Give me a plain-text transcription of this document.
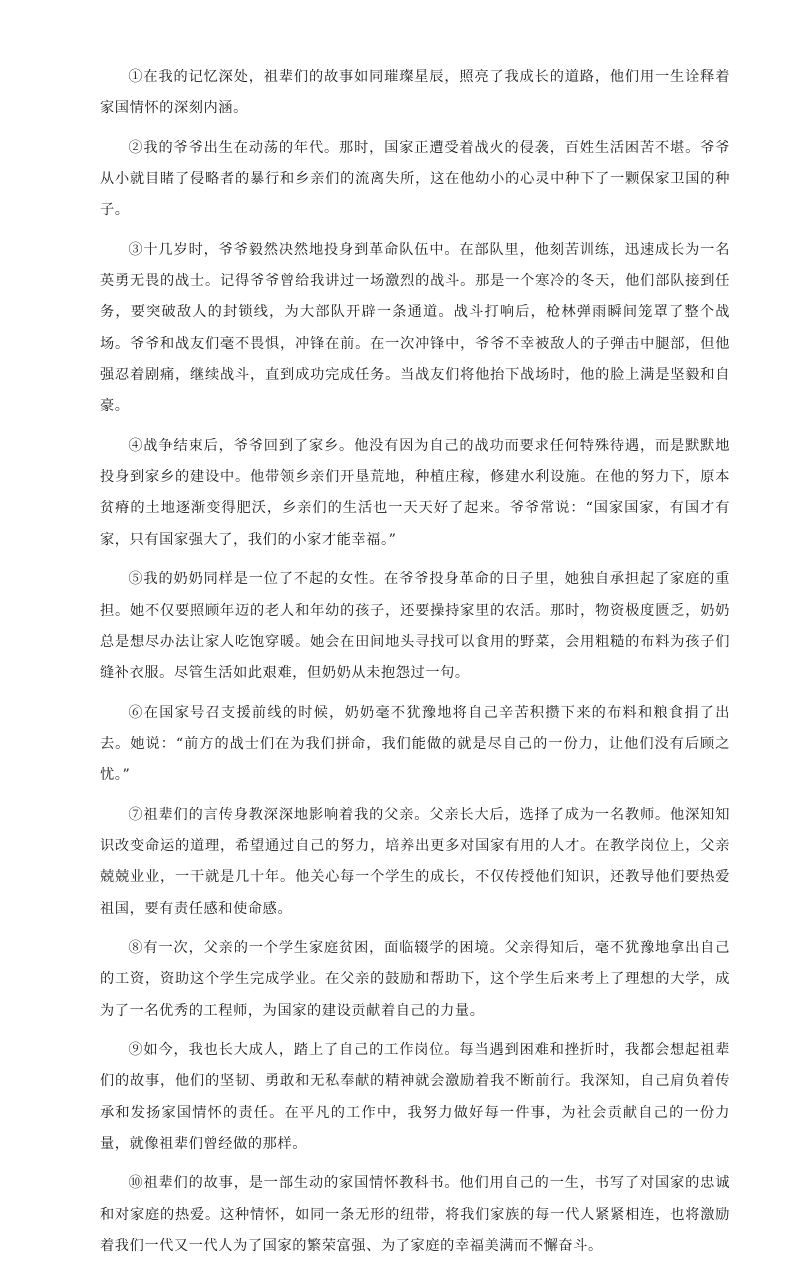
①在我的记忆深处，祖辈们的故事如同璀璨星辰，照亮了我成长的道路，他们用一生诠释着家国情怀的深刻内涵。

②我的爷爷出生在动荡的年代。那时，国家正遭受着战火的侵袭，百姓生活困苦不堪。爷爷从小就目睹了侵略者的暴行和乡亲们的流离失所，这在他幼小的心灵中种下了一颗保家卫国的种子。

③十几岁时，爷爷毅然决然地投身到革命队伍中。在部队里，他刻苦训练，迅速成长为一名英勇无畏的战士。记得爷爷曾给我讲过一场激烈的战斗。那是一个寒冷的冬天，他们部队接到任务，要突破敌人的封锁线，为大部队开辟一条通道。战斗打响后，枪林弹雨瞬间笼罩了整个战场。爷爷和战友们毫不畏惧，冲锋在前。在一次冲锋中，爷爷不幸被敌人的子弹击中腿部，但他强忍着剧痛，继续战斗，直到成功完成任务。当战友们将他抬下战场时，他的脸上满是坚毅和自豪。

④战争结束后，爷爷回到了家乡。他没有因为自己的战功而要求任何特殊待遇，而是默默地投身到家乡的建设中。他带领乡亲们开垦荒地，种植庄稼，修建水利设施。在他的努力下，原本贫瘠的土地逐渐变得肥沃，乡亲们的生活也一天天好了起来。爷爷常说：“国家国家，有国才有家，只有国家强大了，我们的小家才能幸福。”

⑤我的奶奶同样是一位了不起的女性。在爷爷投身革命的日子里，她独自承担起了家庭的重担。她不仅要照顾年迈的老人和年幼的孩子，还要操持家里的农活。那时，物资极度匮乏，奶奶总是想尽办法让家人吃饱穿暖。她会在田间地头寻找可以食用的野菜，会用粗糙的布料为孩子们缝补衣服。尽管生活如此艰难，但奶奶从未抱怨过一句。

⑥在国家号召支援前线的时候，奶奶毫不犹豫地将自己辛苦积攒下来的布料和粮食捐了出去。她说：“前方的战士们在为我们拼命，我们能做的就是尽自己的一份力，让他们没有后顾之忧。”

⑦祖辈们的言传身教深深地影响着我的父亲。父亲长大后，选择了成为一名教师。他深知知识改变命运的道理，希望通过自己的努力，培养出更多对国家有用的人才。在教学岗位上，父亲兢兢业业，一干就是几十年。他关心每一个学生的成长，不仅传授他们知识，还教导他们要热爱祖国，要有责任感和使命感。

⑧有一次，父亲的一个学生家庭贫困，面临辍学的困境。父亲得知后，毫不犹豫地拿出自己的工资，资助这个学生完成学业。在父亲的鼓励和帮助下，这个学生后来考上了理想的大学，成为了一名优秀的工程师，为国家的建设贡献着自己的力量。

⑨如今，我也长大成人，踏上了自己的工作岗位。每当遇到困难和挫折时，我都会想起祖辈们的故事，他们的坚韧、勇敢和无私奉献的精神就会激励着我不断前行。我深知，自己肩负着传承和发扬家国情怀的责任。在平凡的工作中，我努力做好每一件事，为社会贡献自己的一份力量，就像祖辈们曾经做的那样。

⑩祖辈们的故事，是一部生动的家国情怀教科书。他们用自己的一生，书写了对国家的忠诚和对家庭的热爱。这种情怀，如同一条无形的纽带，将我们家族的每一代人紧紧相连，也将激励着我们一代又一代人为了国家的繁荣富强、为了家庭的幸福美满而不懈奋斗。
